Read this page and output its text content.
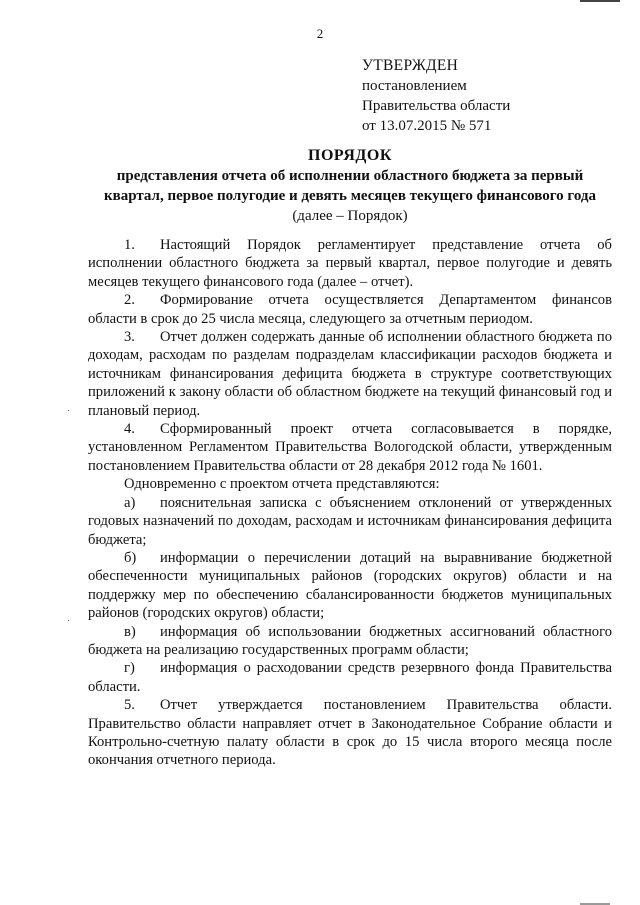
2
УТВЕРЖДЕН
постановлением
Правительства области
от 13.07.2015 № 571
ПОРЯДОК
представления отчета об исполнении областного бюджета за первый
квартал, первое полугодие и девять месяцев текущего финансового года
(далее – Порядок)

1. Настоящий Порядок регламентирует представление отчета об исполнении областного бюджета за первый квартал, первое полугодие и девять месяцев текущего финансового года (далее – отчет).

2. Формирование отчета осуществляется Департаментом финансов области в срок до 25 числа месяца, следующего за отчетным периодом.

3. Отчет должен содержать данные об исполнении областного бюджета по доходам, расходам по разделам подразделам классификации расходов бюджета и источникам финансирования дефицита бюджета в структуре соответствующих приложений к закону области об областном бюджете на текущий финансовый год и плановый период.

4. Сформированный проект отчета согласовывается в порядке, установленном Регламентом Правительства Вологодской области, утвержденным постановлением Правительства области от 28 декабря 2012 года № 1601.

Одновременно с проектом отчета представляются:

а) пояснительная записка с объяснением отклонений от утвержденных годовых назначений по доходам, расходам и источникам финансирования дефицита бюджета;

б) информации о перечислении дотаций на выравнивание бюджетной обеспеченности муниципальных районов (городских округов) области и на поддержку мер по обеспечению сбалансированности бюджетов муниципальных районов (городских округов) области;

в) информация об использовании бюджетных ассигнований областного бюджета на реализацию государственных программ области;

г) информация о расходовании средств резервного фонда Правительства области.

5. Отчет утверждается постановлением Правительства области. Правительство области направляет отчет в Законодательное Собрание области и Контрольно-счетную палату области в срок до 15 числа второго месяца после окончания отчетного периода.
